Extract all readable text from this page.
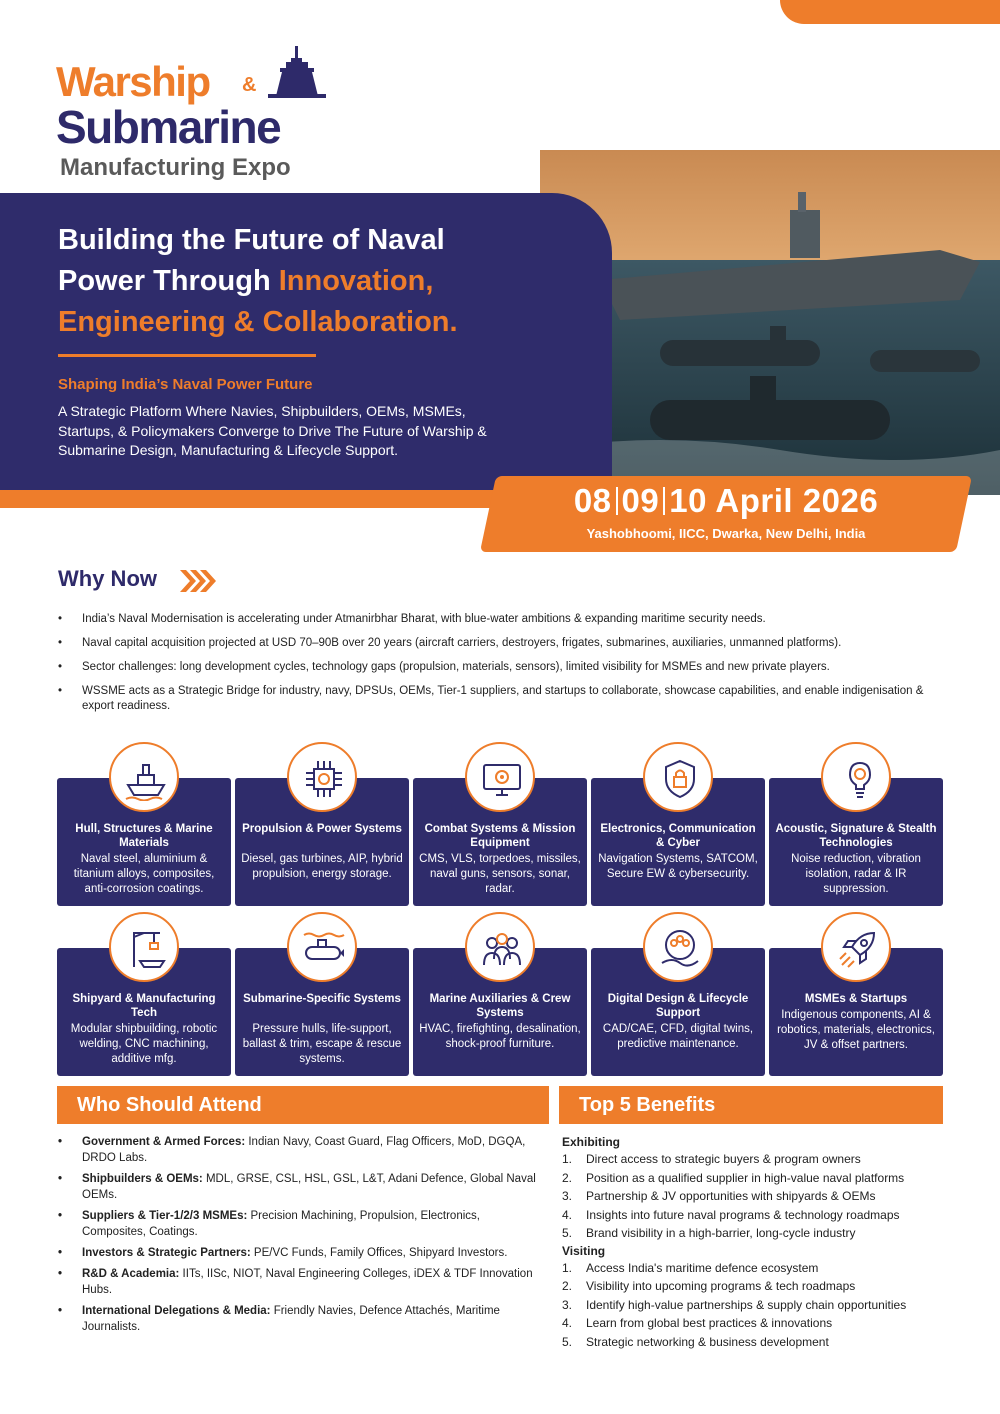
Warship &
Submarine
Manufacturing Expo
Building the Future of Naval Power Through Innovation, Engineering & Collaboration.
Shaping India’s Naval Power Future
A Strategic Platform Where Navies, Shipbuilders, OEMs, MSMEs, Startups, & Policymakers Converge to Drive The Future of Warship & Submarine Design, Manufacturing & Lifecycle Support.
08 09 10 April 2026
Yashobhoomi, IICC, Dwarka, New Delhi, India
Why Now
• India’s Naval Modernisation is accelerating under Atmanirbhar Bharat, with blue-water ambitions & expanding maritime security needs.
• Naval capital acquisition projected at USD 70–90B over 20 years (aircraft carriers, destroyers, frigates, submarines, auxiliaries, unmanned platforms).
• Sector challenges: long development cycles, technology gaps (propulsion, materials, sensors), limited visibility for MSMEs and new private players.
• WSSME acts as a Strategic Bridge for industry, navy, DPSUs, OEMs, Tier-1 suppliers, and startups to collaborate, showcase capabilities, and enable indigenisation & export readiness.
Hull, Structures & Marine Materials
Naval steel, aluminium & titanium alloys, composites, anti-corrosion coatings.
Propulsion & Power Systems
Diesel, gas turbines, AIP, hybrid propulsion, energy storage.
Combat Systems & Mission Equipment
CMS, VLS, torpedoes, missiles, naval guns, sensors, sonar, radar.
Electronics, Communication & Cyber
Navigation Systems, SATCOM, Secure EW & cybersecurity.
Acoustic, Signature & Stealth Technologies
Noise reduction, vibration isolation, radar & IR suppression.
Shipyard & Manufacturing Tech
Modular shipbuilding, robotic welding, CNC machining, additive mfg.
Submarine-Specific Systems
Pressure hulls, life-support, ballast & trim, escape & rescue systems.
Marine Auxiliaries & Crew Systems
HVAC, firefighting, desalination, shock-proof furniture.
Digital Design & Lifecycle Support
CAD/CAE, CFD, digital twins, predictive maintenance.
MSMEs & Startups
Indigenous components, AI & robotics, materials, electronics, JV & offset partners.
Who Should Attend
• Government & Armed Forces: Indian Navy, Coast Guard, Flag Officers, MoD, DGQA, DRDO Labs.
• Shipbuilders & OEMs: MDL, GRSE, CSL, HSL, GSL, L&T, Adani Defence, Global Naval OEMs.
• Suppliers & Tier-1/2/3 MSMEs: Precision Machining, Propulsion, Electronics, Composites, Coatings.
• Investors & Strategic Partners: PE/VC Funds, Family Offices, Shipyard Investors.
• R&D & Academia: IITs, IISc, NIOT, Naval Engineering Colleges, iDEX & TDF Innovation Hubs.
• International Delegations & Media: Friendly Navies, Defence Attachés, Maritime Journalists.
Top 5 Benefits
Exhibiting
1. Direct access to strategic buyers & program owners
2. Position as a qualified supplier in high-value naval platforms
3. Partnership & JV opportunities with shipyards & OEMs
4. Insights into future naval programs & technology roadmaps
5. Brand visibility in a high-barrier, long-cycle industry
Visiting
1. Access India's maritime defence ecosystem
2. Visibility into upcoming programs & tech roadmaps
3. Identify high-value partnerships & supply chain opportunities
4. Learn from global best practices & innovations
5. Strategic networking & business development
